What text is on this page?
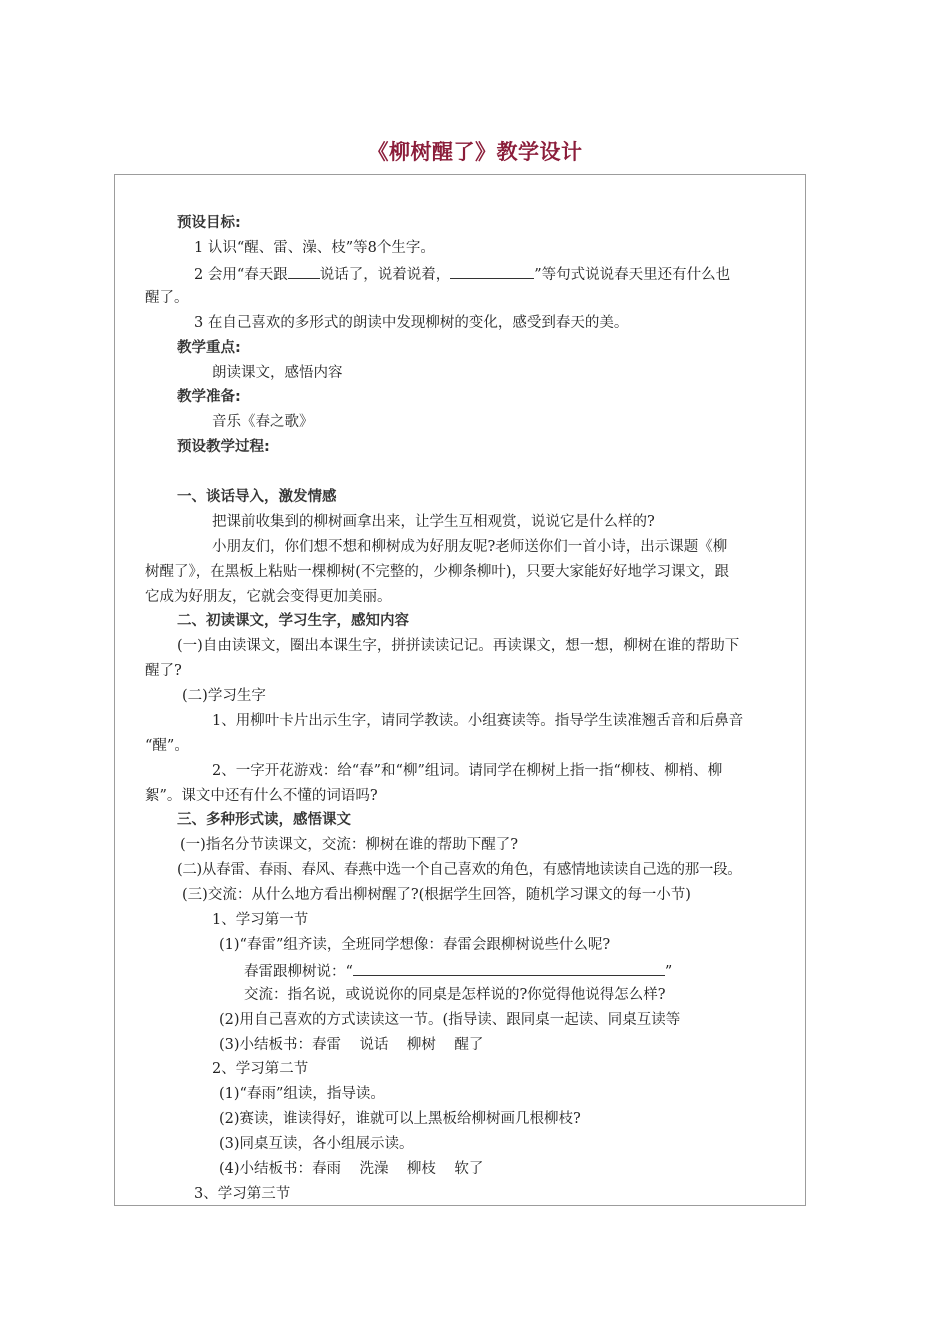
《柳树醒了》教学设计
预设目标:
1 认识“醒、雷、澡、枝”等8个生字。
2 会用“春天跟 说话了，说着说着，	”等句式说说春天里还有什么也
醒了。
3 在自己喜欢的多形式的朗读中发现柳树的变化，感受到春天的美。
教学重点:
朗读课文，感悟内容
教学准备:
音乐《春之歌》
预设教学过程:
一、谈话导入，激发情感
把课前收集到的柳树画拿出来，让学生互相观赏，说说它是什么样的?
小朋友们，你们想不想和柳树成为好朋友呢?老师送你们一首小诗，出示课题《柳
树醒了》，在黑板上粘贴一棵柳树(不完整的，少柳条柳叶)，只要大家能好好地学习课文，跟
它成为好朋友，它就会变得更加美丽。
二、初读课文，学习生字，感知内容
(一)自由读课文，圈出本课生字，拼拼读读记记。再读课文，想一想，柳树在谁的帮助下
醒了?
(二)学习生字
1、用柳叶卡片出示生字，请同学教读。小组赛读等。指导学生读准翘舌音和后鼻音
“醒”。
2、一字开花游戏：给“春”和“柳”组词。请同学在柳树上指一指“柳枝、柳梢、柳
絮”。课文中还有什么不懂的词语吗?
三、多种形式读，感悟课文
(一)指名分节读课文，交流：柳树在谁的帮助下醒了?
(二)从春雷、春雨、春风、春燕中选一个自己喜欢的角色，有感情地读读自己选的那一段。
(三)交流：从什么地方看出柳树醒了?(根据学生回答，随机学习课文的每一小节)
1、学习第一节
(1)“春雷”组齐读，全班同学想像：春雷会跟柳树说些什么呢?
春雷跟柳树说：“	”
交流：指名说，或说说你的同桌是怎样说的?你觉得他说得怎么样?
(2)用自己喜欢的方式读读这一节。(指导读、跟同桌一起读、同桌互读等
(3)小结板书：春雷    说话    柳树    醒了
2、学习第二节
(1)“春雨”组读，指导读。
(2)赛读，谁读得好，谁就可以上黑板给柳树画几根柳枝?
(3)同桌互读，各小组展示读。
(4)小结板书：春雨    洗澡    柳枝    软了
3、学习第三节
